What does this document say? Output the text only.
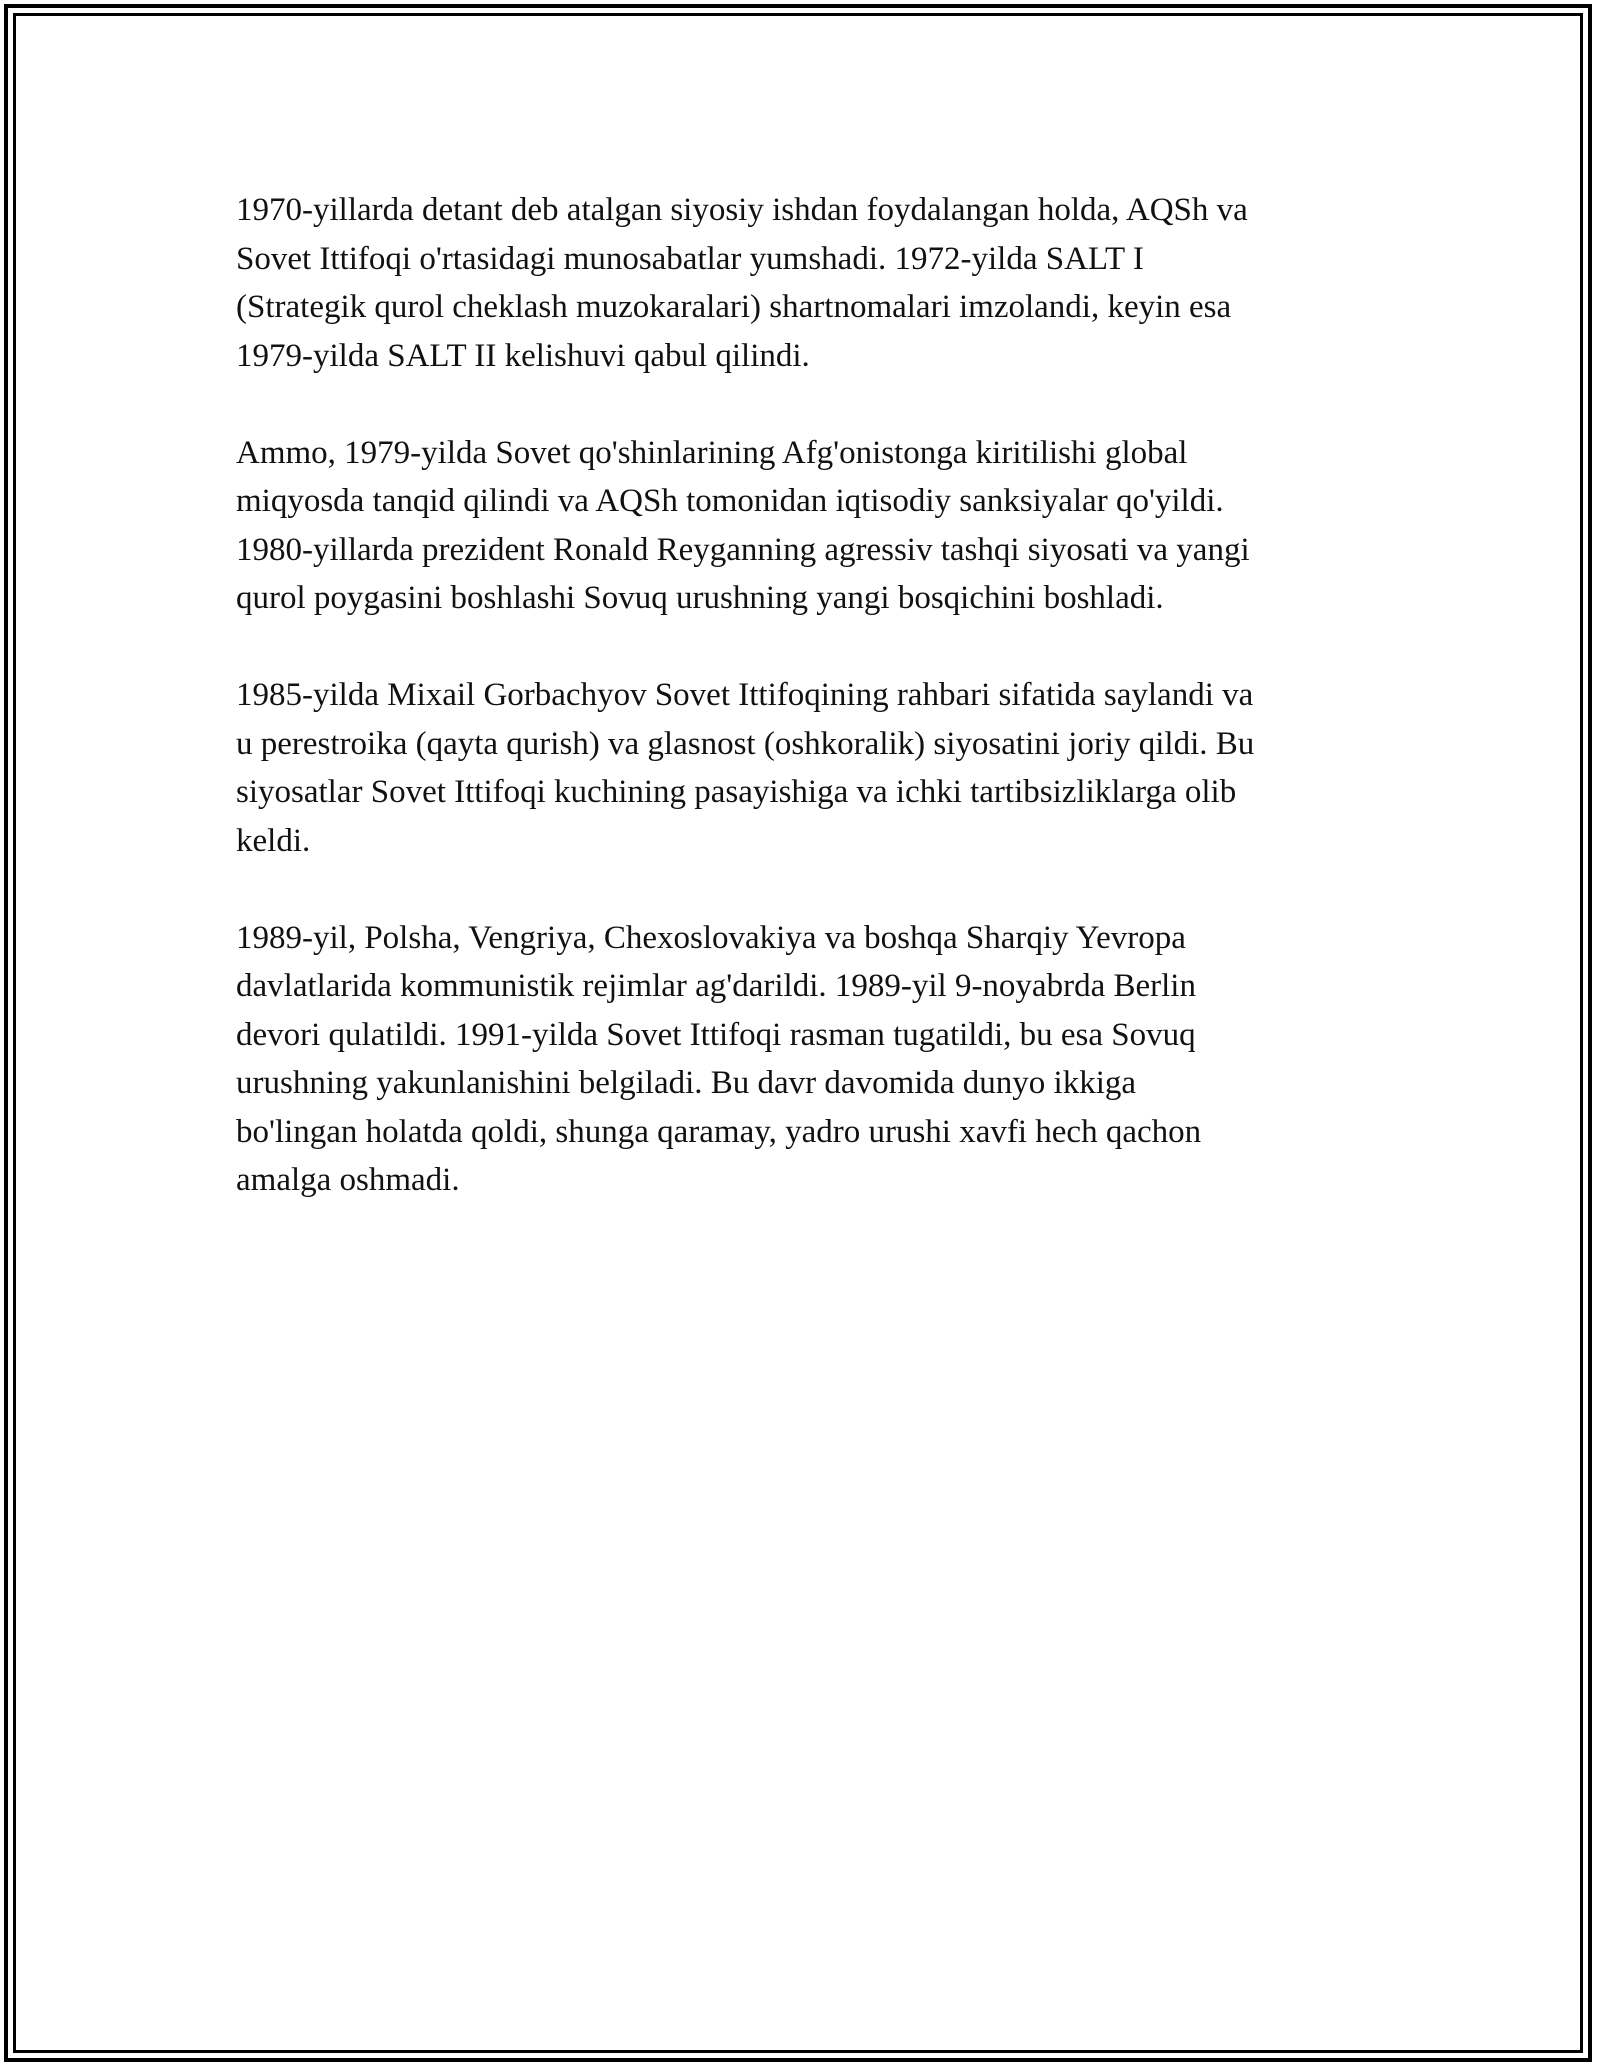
1970-yillarda detant deb atalgan siyosiy ishdan foydalangan holda, AQSh va
Sovet Ittifoqi o'rtasidagi munosabatlar yumshadi. 1972-yilda SALT I
(Strategik qurol cheklash muzokaralari) shartnomalari imzolandi, keyin esa
1979-yilda SALT II kelishuvi qabul qilindi.

Ammo, 1979-yilda Sovet qo'shinlarining Afg'onistonga kiritilishi global
miqyosda tanqid qilindi va AQSh tomonidan iqtisodiy sanksiyalar qo'yildi.
1980-yillarda prezident Ronald Reyganning agressiv tashqi siyosati va yangi
qurol poygasini boshlashi Sovuq urushning yangi bosqichini boshladi.

1985-yilda Mixail Gorbachyov Sovet Ittifoqining rahbari sifatida saylandi va
u perestroika (qayta qurish) va glasnost (oshkoralik) siyosatini joriy qildi. Bu
siyosatlar Sovet Ittifoqi kuchining pasayishiga va ichki tartibsizliklarga olib
keldi.

1989-yil, Polsha, Vengriya, Chexoslovakiya va boshqa Sharqiy Yevropa
davlatlarida kommunistik rejimlar ag'darildi. 1989-yil 9-noyabrda Berlin
devori qulatildi. 1991-yilda Sovet Ittifoqi rasman tugatildi, bu esa Sovuq
urushning yakunlanishini belgiladi. Bu davr davomida dunyo ikkiga
bo'lingan holatda qoldi, shunga qaramay, yadro urushi xavfi hech qachon
amalga oshmadi.
